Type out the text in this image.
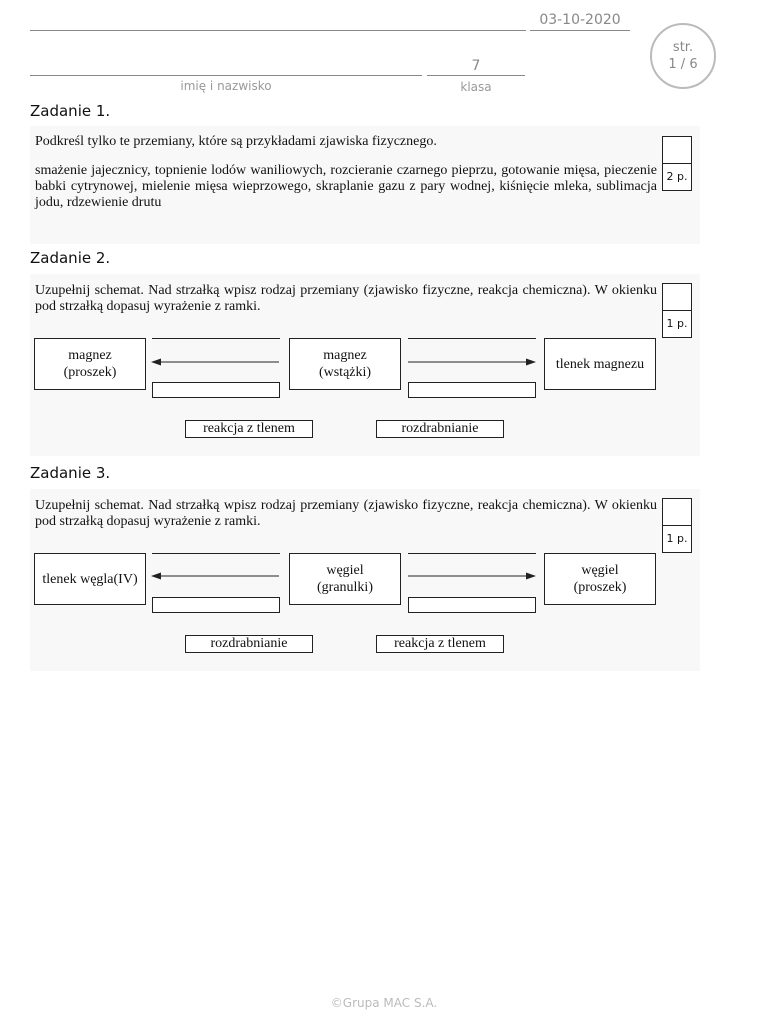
03-10-2020
imię i nazwisko
7
klasa
str.
1 / 6
Zadanie 1.
Podkreśl tylko te przemiany, które są przykładami zjawiska fizycznego.
smażenie jajecznicy, topnienie lodów waniliowych, rozcieranie czarnego pieprzu, gotowanie mięsa, pieczenie babki cytrynowej, mielenie mięsa wieprzowego, skraplanie gazu z pary wodnej, kiśnięcie mleka, sublimacja jodu, rdzewienie drutu
2 p.
Zadanie 2.
Uzupełnij schemat. Nad strzałką wpisz rodzaj przemiany (zjawisko fizyczne, reakcja chemiczna). W okienku pod strzałką dopasuj wyrażenie z ramki.
1 p.
magnez
(proszek)
magnez
(wstążki)
tlenek magnezu
reakcja z tlenem	rozdrabnianie
Zadanie 3.
Uzupełnij schemat. Nad strzałką wpisz rodzaj przemiany (zjawisko fizyczne, reakcja chemiczna). W okienku pod strzałką dopasuj wyrażenie z ramki.
1 p.
tlenek węgla(IV)
węgiel
(granulki)
węgiel
(proszek)
rozdrabnianie	reakcja z tlenem
©Grupa MAC S.A.
